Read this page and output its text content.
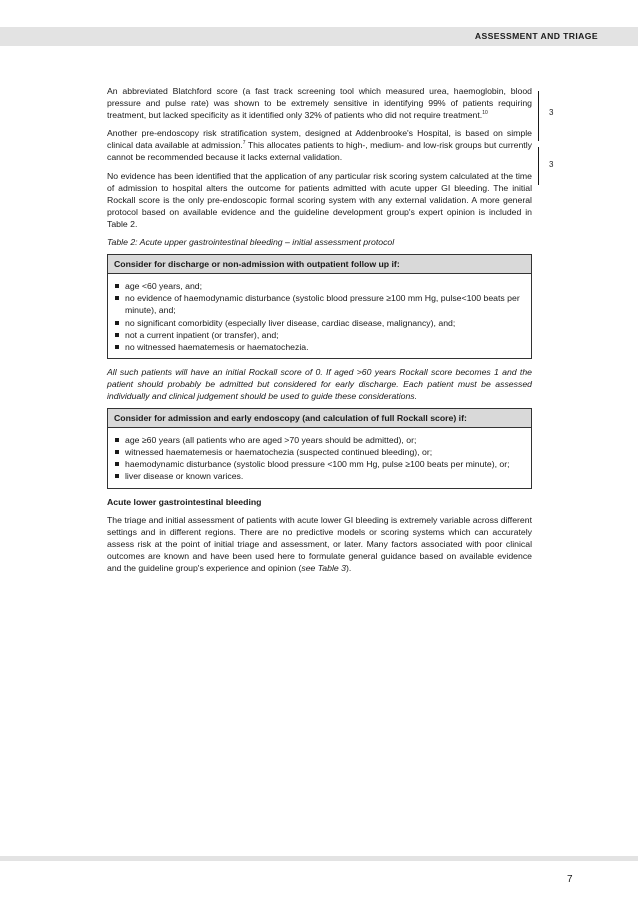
ASSESSMENT AND TRIAGE
3
3

An abbreviated Blatchford score (a fast track screening tool which measured urea, haemoglobin, blood pressure and pulse rate) was shown to be extremely sensitive in identifying 99% of patients requiring treatment, but lacked specificity as it identified only 32% of patients who did not require treatment.$^{10}$

Another pre-endoscopy risk stratification system, designed at Addenbrooke's Hospital, is based on simple clinical data available at admission.$^7$ This allocates patients to high-, medium- and low-risk groups but currently cannot be recommended because it lacks external validation.

No evidence has been identified that the application of any particular risk scoring system calculated at the time of admission to hospital alters the outcome for patients admitted with acute upper GI bleeding. The initial Rockall score is the only pre-endoscopic formal scoring system with any external validation. A more general protocol based on available evidence and the guideline development group's expert opinion is included in Table 2.

Table 2: Acute upper gastrointestinal bleeding – initial assessment protocol

Consider for discharge or non-admission with outpatient follow up if:
age <60 years, and;
no evidence of haemodynamic disturbance (systolic blood pressure ≥100 mm Hg, pulse<100 beats per minute), and;
no significant comorbidity (especially liver disease, cardiac disease, malignancy), and;
not a current inpatient (or transfer), and;
no witnessed haematemesis or haematochezia.

All such patients will have an initial Rockall score of 0. If aged >60 years Rockall score becomes 1 and the patient should probably be admitted but considered for early discharge. Each patient must be assessed individually and clinical judgement should be used to guide these considerations.

Consider for admission and early endoscopy (and calculation of full Rockall score) if:
age ≥60 years (all patients who are aged >70 years should be admitted), or;
witnessed haematemesis or haematochezia (suspected continued bleeding), or;
haemodynamic disturbance (systolic blood pressure <100 mm Hg, pulse ≥100 beats per minute), or;
liver disease or known varices.

Acute lower gastrointestinal bleeding

The triage and initial assessment of patients with acute lower GI bleeding is extremely variable across different settings and in different regions. There are no predictive models or scoring systems which can accurately assess risk at the point of initial triage and assessment, or later. Many factors associated with poor clinical outcomes are known and have been used here to formulate general guidance based on available evidence and the guideline group's experience and opinion (see Table 3).

7
